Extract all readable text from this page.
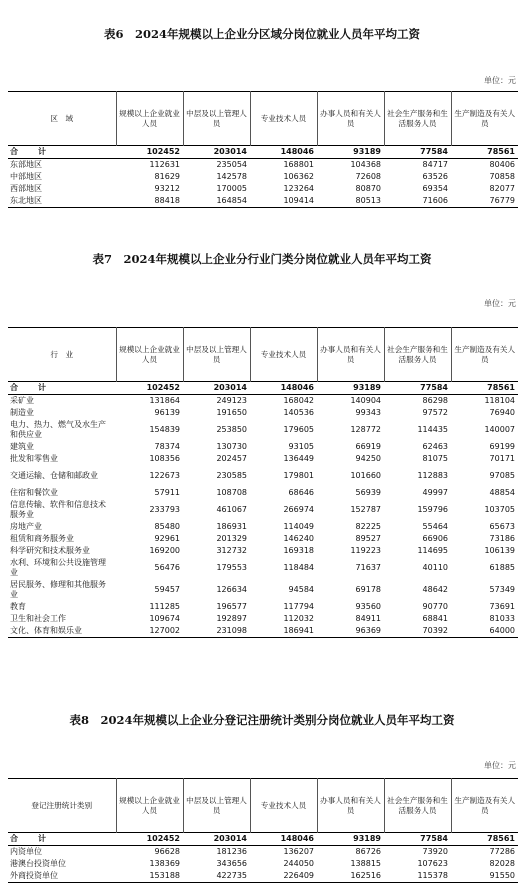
表6　2024年规模以上企业分区域分岗位就业人员年平均工资
单位：元
区　域	规模以上企业就业人员	中层及以上管理人员	专业技术人员	办事人员和有关人员	社会生产服务和生活服务人员	生产制造及有关人员
合　计	102452	203014	148046	93189	77584	78561
东部地区	112631	235054	168801	104368	84717	80406
中部地区	81629	142578	106362	72608	63526	70858
西部地区	93212	170005	123264	80870	69354	82077
东北地区	88418	164854	109414	80513	71606	76779
表7　2024年规模以上企业分行业门类分岗位就业人员年平均工资
单位：元
行　业	规模以上企业就业人员	中层及以上管理人员	专业技术人员	办事人员和有关人员	社会生产服务和生活服务人员	生产制造及有关人员
合　计	102452	203014	148046	93189	77584	78561
采矿业	131864	249123	168042	140904	86298	118104
制造业	96139	191650	140536	99343	97572	76940
电力、热力、燃气及水生产和供应业	154839	253850	179605	128772	114435	140007
建筑业	78374	130730	93105	66919	62463	69199
批发和零售业	108356	202457	136449	94250	81075	70171
交通运输、仓储和邮政业	122673	230585	179801	101660	112883	97085
住宿和餐饮业	57911	108708	68646	56939	49997	48854
信息传输、软件和信息技术服务业	233793	461067	266974	152787	159796	103705
房地产业	85480	186931	114049	82225	55464	65673
租赁和商务服务业	92961	201329	146240	89527	66906	73186
科学研究和技术服务业	169200	312732	169318	119223	114695	106139
水利、环境和公共设施管理业	56476	179553	118484	71637	40110	61885
居民服务、修理和其他服务业	59457	126634	94584	69178	48642	57349
教育	111285	196577	117794	93560	90770	73691
卫生和社会工作	109674	192897	112032	84911	68841	81033
文化、体育和娱乐业	127002	231098	186941	96369	70392	64000
表8　2024年规模以上企业分登记注册统计类别分岗位就业人员年平均工资
单位：元
登记注册统计类别	规模以上企业就业人员	中层及以上管理人员	专业技术人员	办事人员和有关人员	社会生产服务和生活服务人员	生产制造及有关人员
合　计	102452	203014	148046	93189	77584	78561
内资单位	96628	181236	136207	86726	73920	77286
港澳台投资单位	138369	343656	244050	138815	107623	82028
外商投资单位	153188	422735	226409	162516	115378	91550
